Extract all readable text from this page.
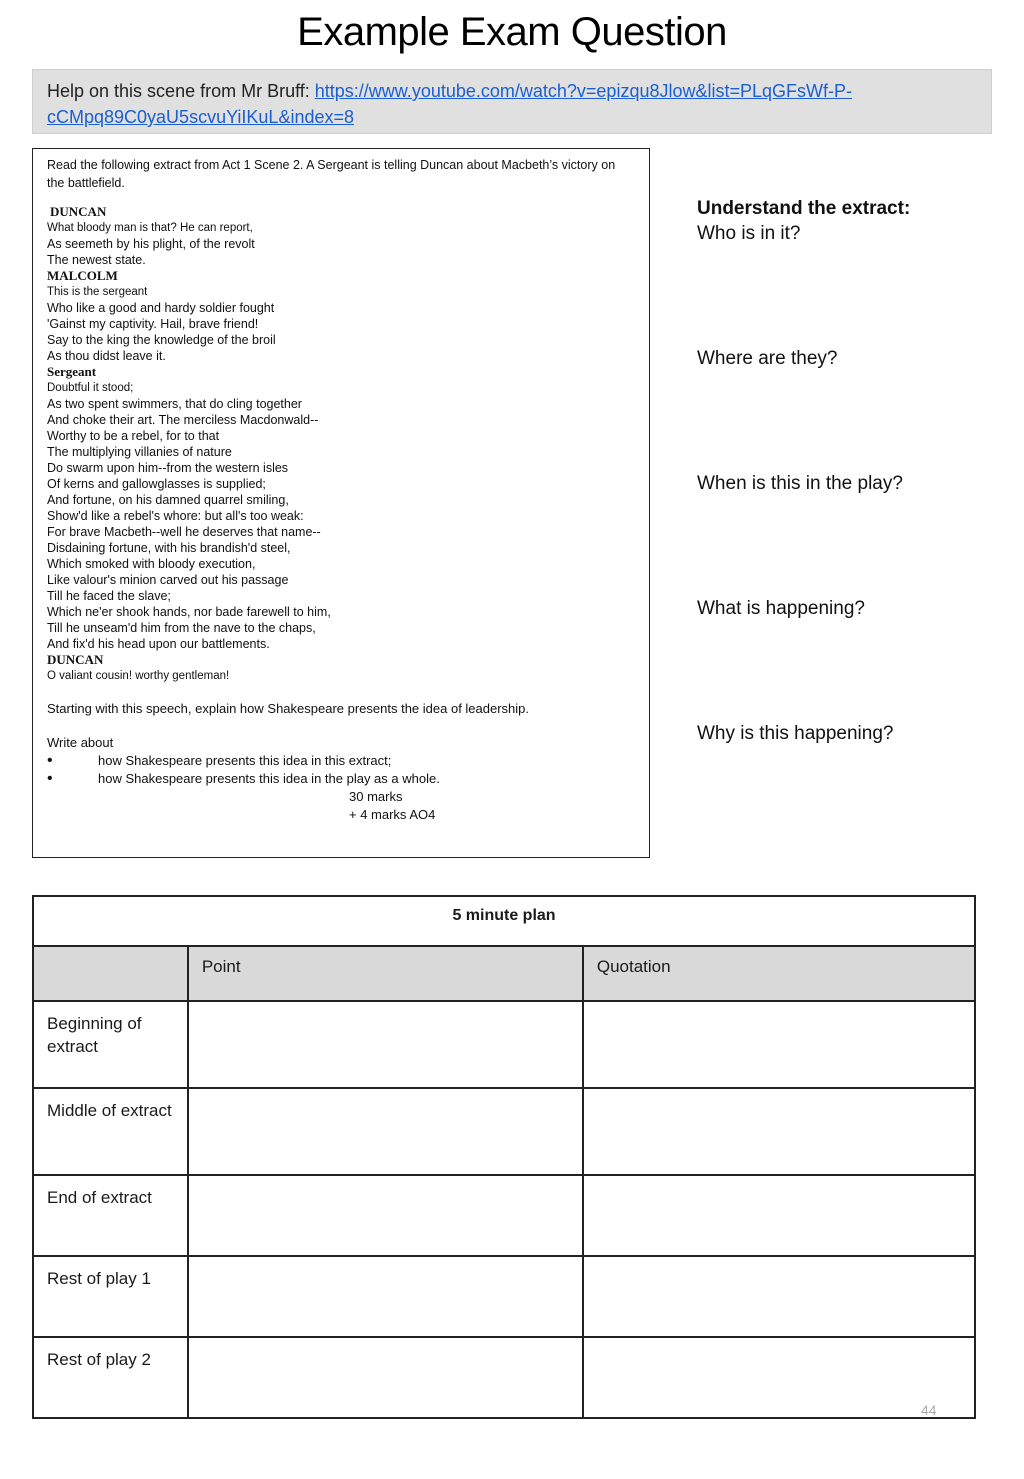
Example Exam Question
Help on this scene from Mr Bruff: https://www.youtube.com/watch?v=epizqu8Jlow&list=PLqGFsWf-P-cCMpq89C0yaU5scvuYiIKuL&index=8

Read the following extract from Act 1 Scene 2. A Sergeant is telling Duncan about Macbeth’s victory on the battlefield.

DUNCAN

What bloody man is that? He can report,

As seemeth by his plight, of the revolt

The newest state.

MALCOLM

This is the sergeant

Who like a good and hardy soldier fought

'Gainst my captivity. Hail, brave friend!

Say to the king the knowledge of the broil

As thou didst leave it.

Sergeant

Doubtful it stood;

As two spent swimmers, that do cling together

And choke their art. The merciless Macdonwald--

Worthy to be a rebel, for to that

The multiplying villanies of nature

Do swarm upon him--from the western isles

Of kerns and gallowglasses is supplied;

And fortune, on his damned quarrel smiling,

Show'd like a rebel's whore: but all's too weak:

For brave Macbeth--well he deserves that name--

Disdaining fortune, with his brandish'd steel,

Which smoked with bloody execution,

Like valour's minion carved out his passage

Till he faced the slave;

Which ne'er shook hands, nor bade farewell to him,

Till he unseam'd him from the nave to the chaps,

And fix'd his head upon our battlements.

DUNCAN

O valiant cousin! worthy gentleman!

Starting with this speech, explain how Shakespeare presents the idea of leadership.

Write about

•	how Shakespeare presents this idea in this extract;
•	how Shakespeare presents this idea in the play as a whole.

30 marks

+ 4 marks AO4

Understand the extract:
Who is in it?
Where are they?
When is this in the play?
What is happening?
Why is this happening?
5 minute plan		
	Point	Quotation
Beginning of extract		
Middle of extract		
End of extract		
Rest of play 1		
Rest of play 2		
44
